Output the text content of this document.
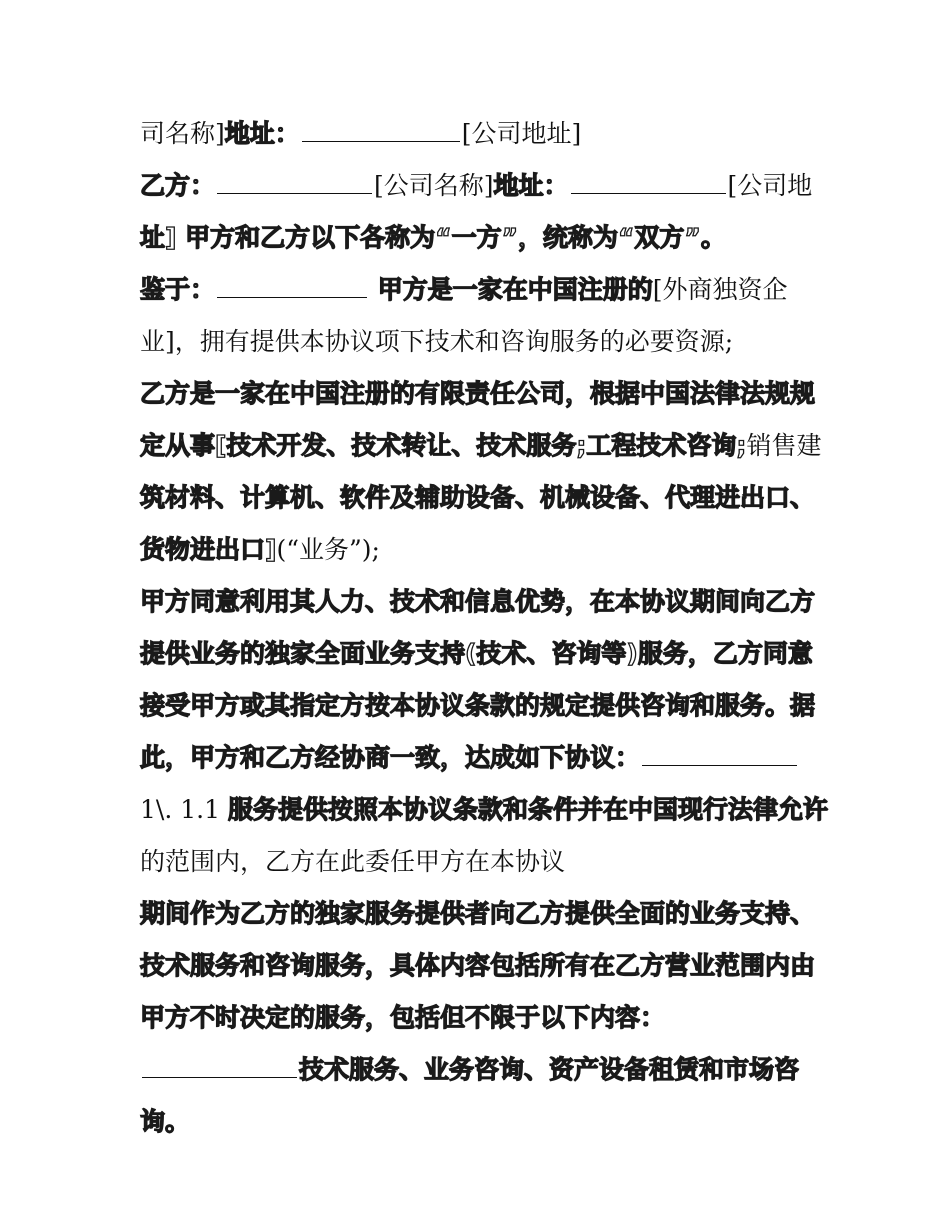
司名称]地址：	[公司地址]
乙方：	[公司名称]地址：	[公司地
址] 甲方和乙方以下各称为“一方”，统称为“双方”。
鉴于：	甲方是一家在中国注册的[外商独资企
业]，拥有提供本协议项下技术和咨询服务的必要资源;
乙方是一家在中国注册的有限责任公司，根据中国法律法规规
定从事[技术开发、技术转让、技术服务;工程技术咨询;销售建
筑材料、计算机、软件及辅助设备、机械设备、代理进出口、
货物进出口](“业务”);
甲方同意利用其人力、技术和信息优势，在本协议期间向乙方
提供业务的独家全面业务支持(技术、咨询等)服务，乙方同意
接受甲方或其指定方按本协议条款的规定提供咨询和服务。据
此，甲方和乙方经协商一致，达成如下协议：
1\. 1.1 服务提供按照本协议条款和条件并在中国现行法律允许
的范围内，乙方在此委任甲方在本协议
期间作为乙方的独家服务提供者向乙方提供全面的业务支持、
技术服务和咨询服务，具体内容包括所有在乙方营业范围内由
甲方不时决定的服务，包括但不限于以下内容：
技术服务、业务咨询、资产设备租赁和市场咨
询。
